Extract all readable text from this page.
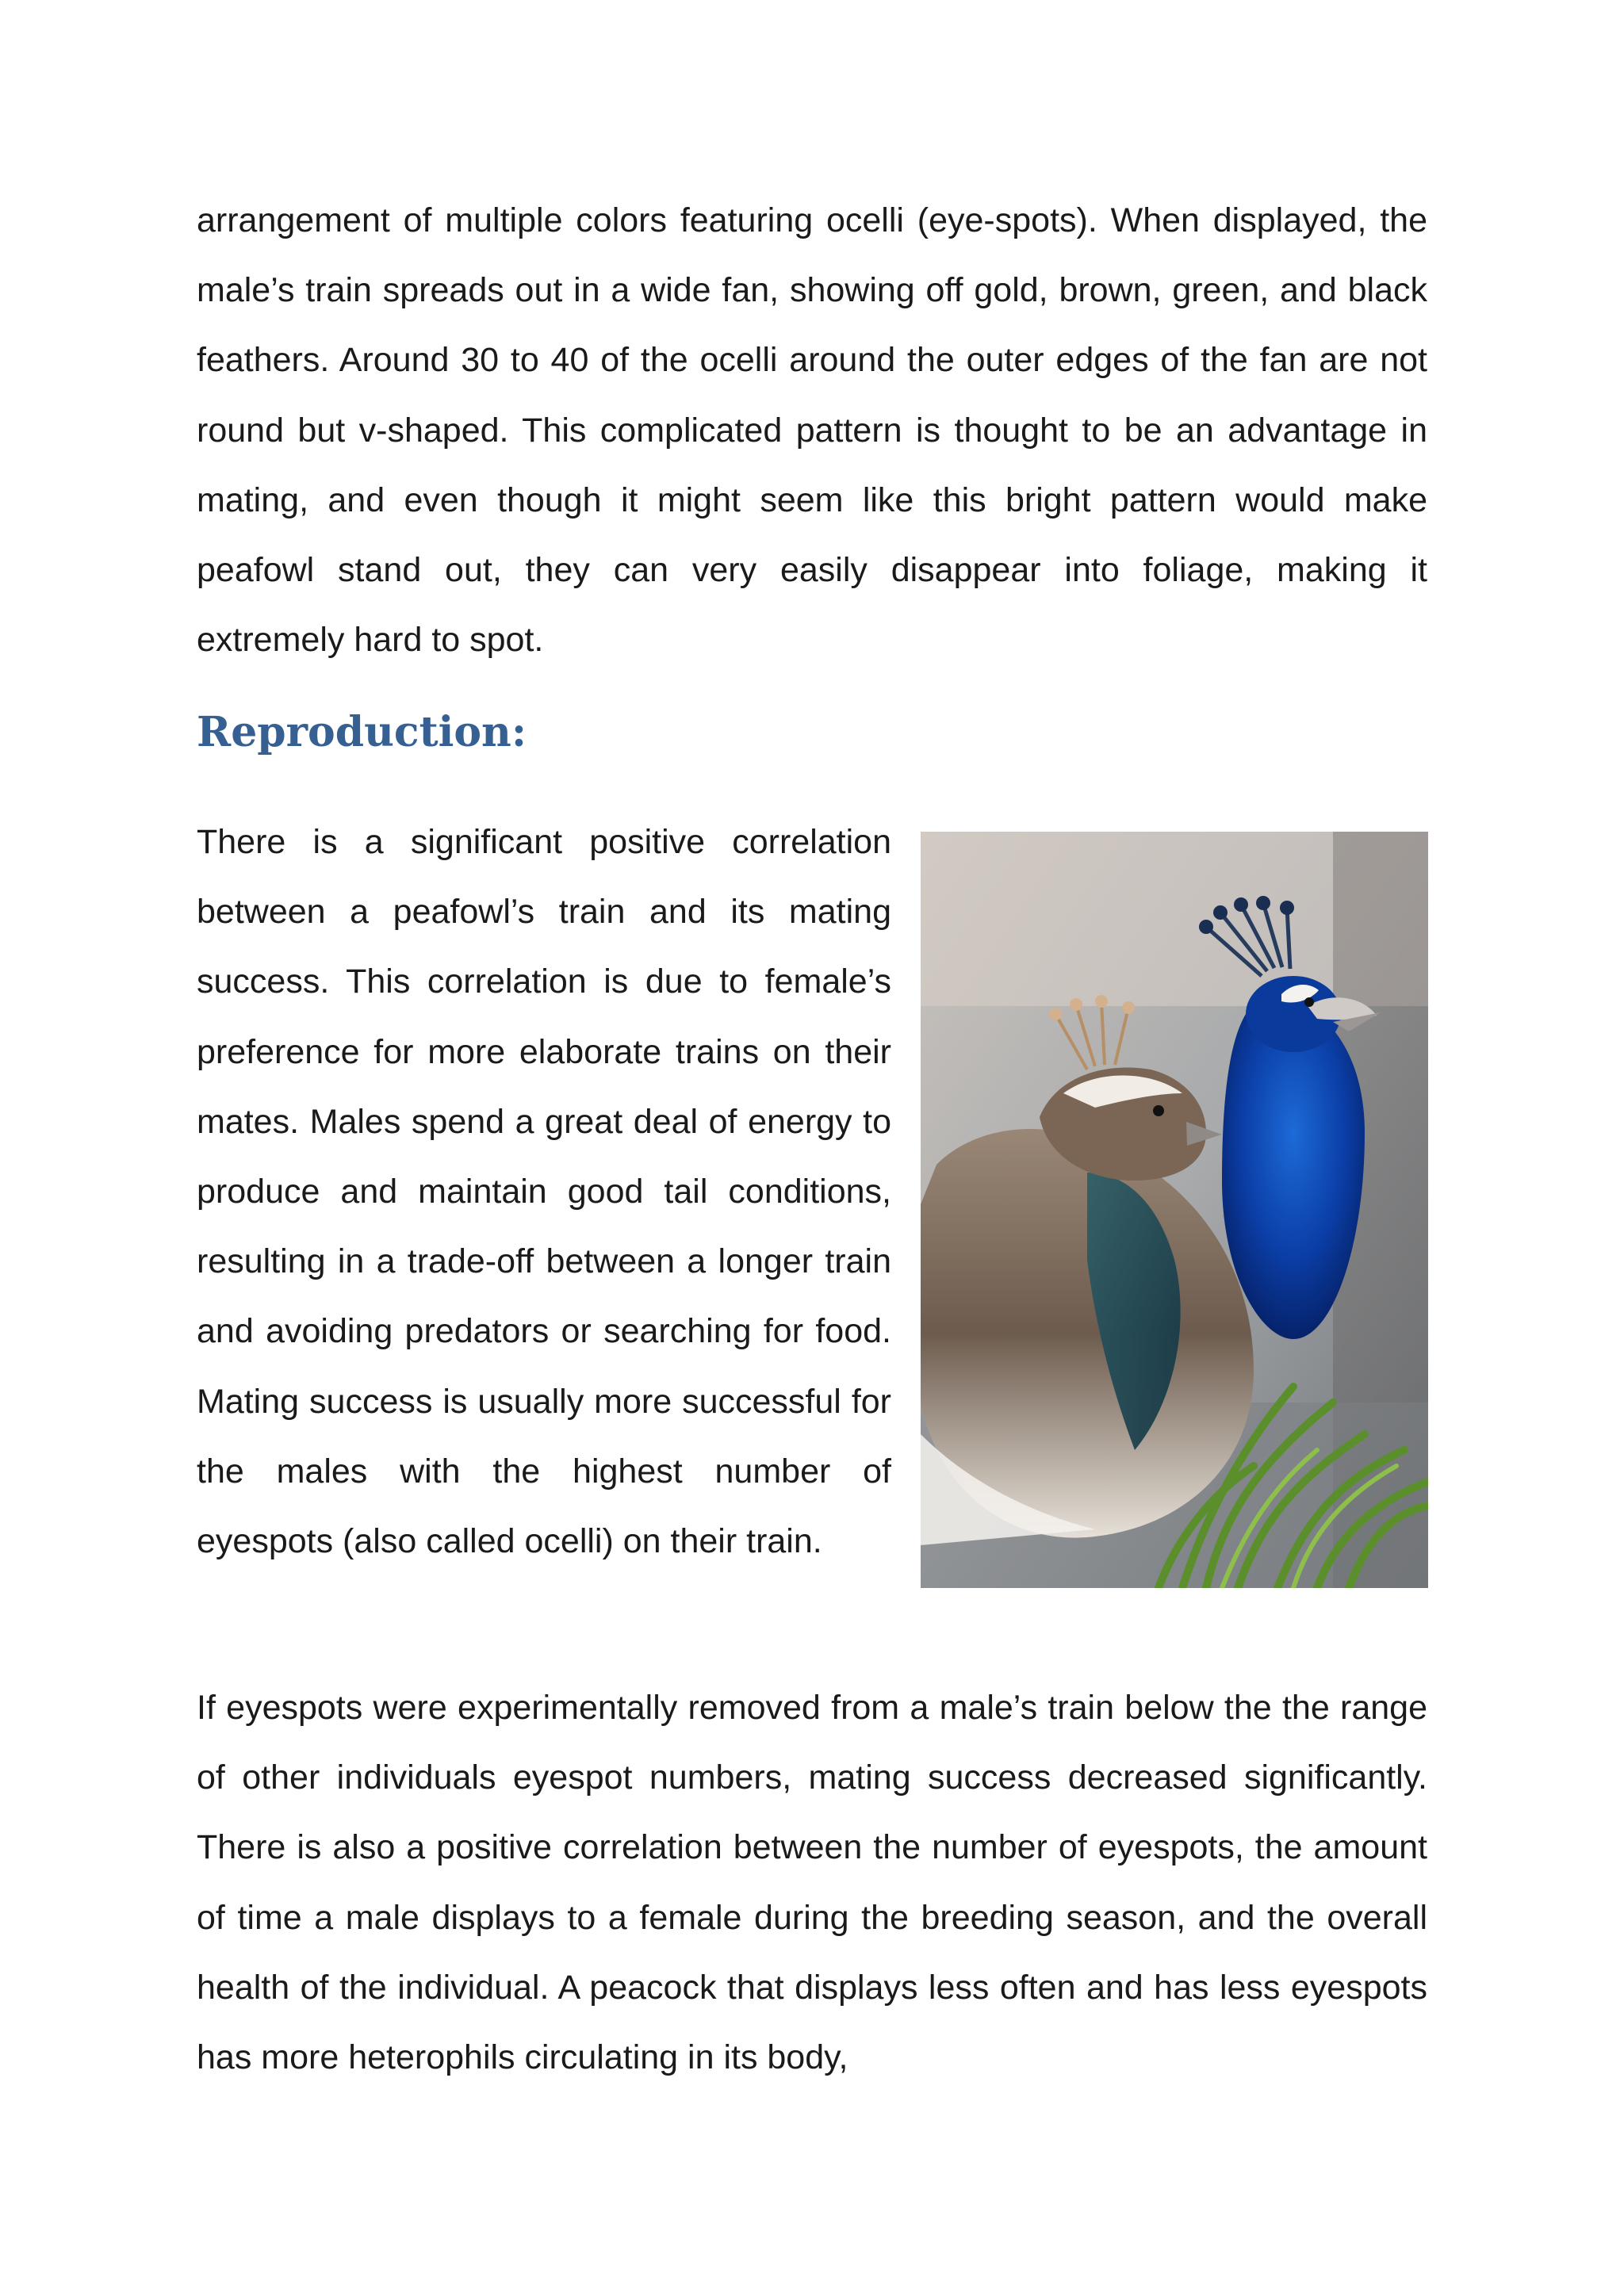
arrangement of multiple colors featuring ocelli (eye-spots). When displayed, the male’s train spreads out in a wide fan, showing off gold, brown, green, and black feathers. Around 30 to 40 of the ocelli around the outer edges of the fan are not round but v-shaped. This complicated pattern is thought to be an advantage in mating, and even though it might seem like this bright pattern would make peafowl stand out, they can very easily disappear into foliage, making it extremely hard to spot.

Reproduction:

There is a significant positive correlation between a peafowl’s train and its mating success. This correlation is due to female’s preference for more elaborate trains on their mates. Males spend a great deal of energy to produce and maintain good tail conditions, resulting in a trade-off between a longer train and avoiding predators or searching for food. Mating success is usually more successful for the males with the highest number of eyespots (also called ocelli) on their train.

If eyespots were experimentally removed from a male’s train below the the range of other individuals eyespot numbers, mating success decreased significantly. There is also a positive correlation between the number of eyespots, the amount of time a male displays to a female during the breeding season, and the overall health of the individual. A peacock that displays less often and has less eyespots has more heterophils circulating in its body,
